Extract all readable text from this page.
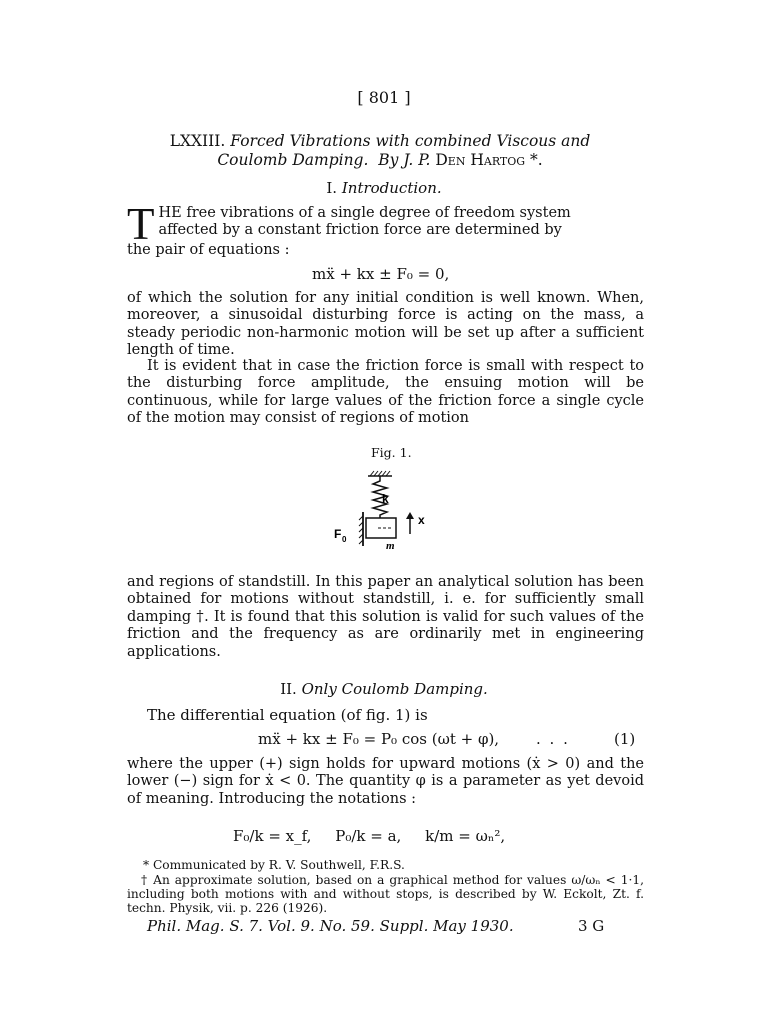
[ 801 ]
LXXIII. Forced Vibrations with combined Viscous and
Coulomb Damping. By J. P. Den Hartog *.
I. Introduction.
T HE free vibrations of a single degree of freedom system
affected by a constant friction force are determined by
the pair of equations :
mẍ + kx ± F₀ = 0,
of which the solution for any initial condition is well known. When, moreover, a sinusoidal disturbing force is acting on the mass, a steady periodic non-harmonic motion will be set up after a sufficient length of time.
It is evident that in case the friction force is small with respect to the disturbing force amplitude, the ensuing motion will be continuous, while for large values of the friction force a single cycle of the motion may consist of regions of motion
Fig. 1.
k
x
F 0
m
and regions of standstill. In this paper an analytical solution has been obtained for motions without standstill, i. e. for sufficiently small damping †. It is found that this solution is valid for such values of the friction and the frequency as are ordinarily met in engineering applications.
II. Only Coulomb Damping.
The differential equation (of fig. 1) is
mẍ + kx ± F₀ = P₀ cos (ωt + φ), . . .	(1)
where the upper (+) sign holds for upward motions (ẋ > 0) and the lower (−) sign for ẋ < 0. The quantity φ is a parameter as yet devoid of meaning. Introducing the notations :
F₀/k = x_f,     P₀/k = a,     k/m = ωₙ²,
* Communicated by R. V. Southwell, F.R.S.
† An approximate solution, based on a graphical method for values ω/ωₙ < 1·1, including both motions with and without stops, is described by W. Eckolt, Zt. f. techn. Physik, vii. p. 226 (1926).
Phil. Mag. S. 7. Vol. 9. No. 59. Suppl. May 1930.	3 G
